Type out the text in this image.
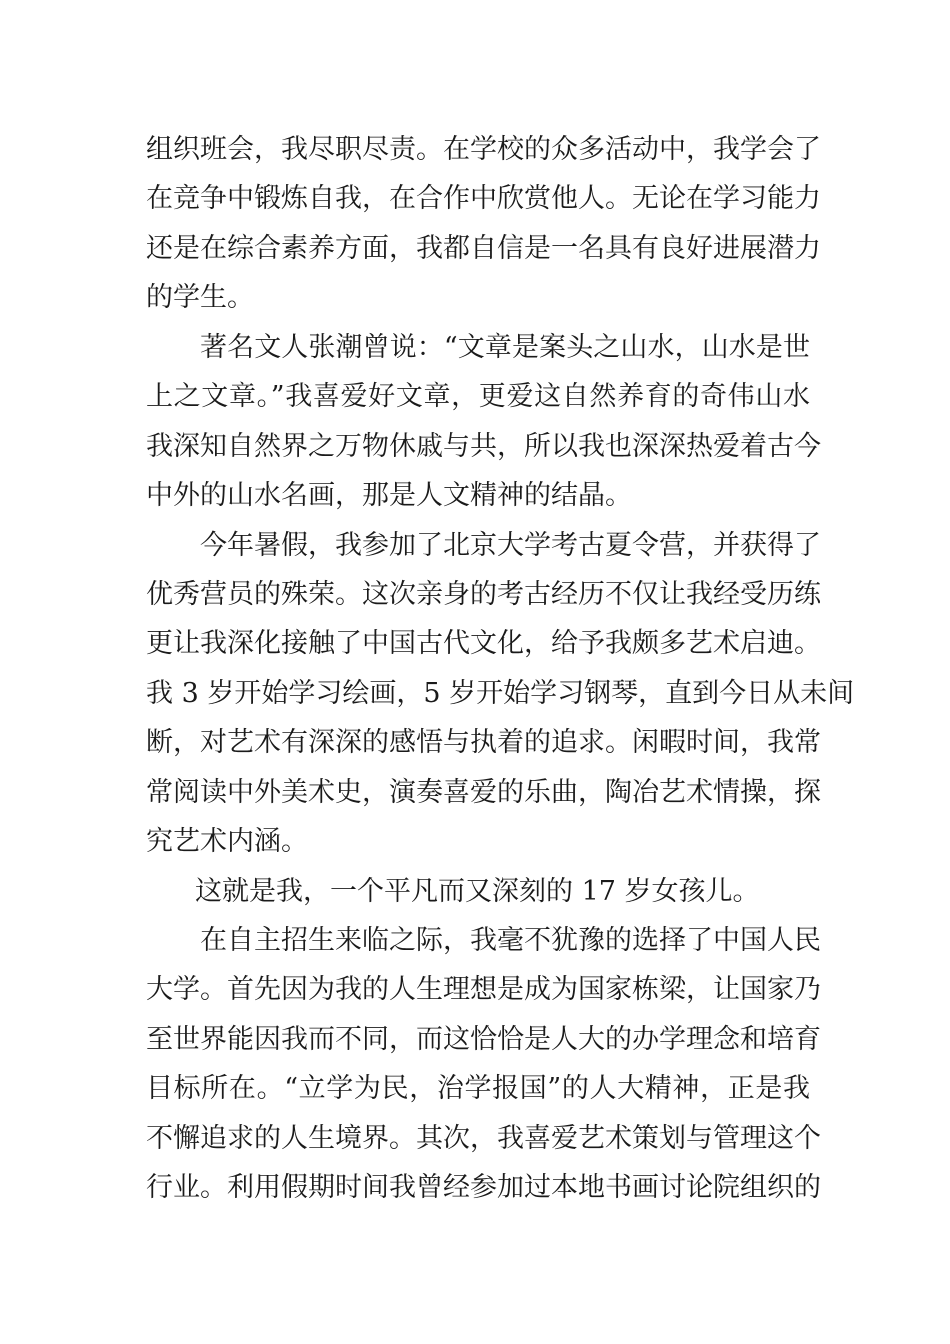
组织班会，我尽职尽责。在学校的众多活动中，我学会了
在竞争中锻炼自我，在合作中欣赏他人。无论在学习能力
还是在综合素养方面，我都自信是一名具有良好进展潜力
的学生。
著名文人张潮曾说：“文章是案头之山水，山水是世
上之文章。”我喜爱好文章，更爱这自然养育的奇伟山水
我深知自然界之万物休戚与共，所以我也深深热爱着古今
中外的山水名画，那是人文精神的结晶。
今年暑假，我参加了北京大学考古夏令营，并获得了
优秀营员的殊荣。这次亲身的考古经历不仅让我经受历练
更让我深化接触了中国古代文化，给予我颇多艺术启迪。
我 3 岁开始学习绘画，5 岁开始学习钢琴，直到今日从未间
断，对艺术有深深的感悟与执着的追求。闲暇时间，我常
常阅读中外美术史，演奏喜爱的乐曲，陶冶艺术情操，探
究艺术内涵。
这就是我，一个平凡而又深刻的 17 岁女孩儿。
在自主招生来临之际，我毫不犹豫的选择了中国人民
大学。首先因为我的人生理想是成为国家栋梁，让国家乃
至世界能因我而不同，而这恰恰是人大的办学理念和培育
目标所在。“立学为民，治学报国”的人大精神，正是我
不懈追求的人生境界。其次，我喜爱艺术策划与管理这个
行业。利用假期时间我曾经参加过本地书画讨论院组织的
